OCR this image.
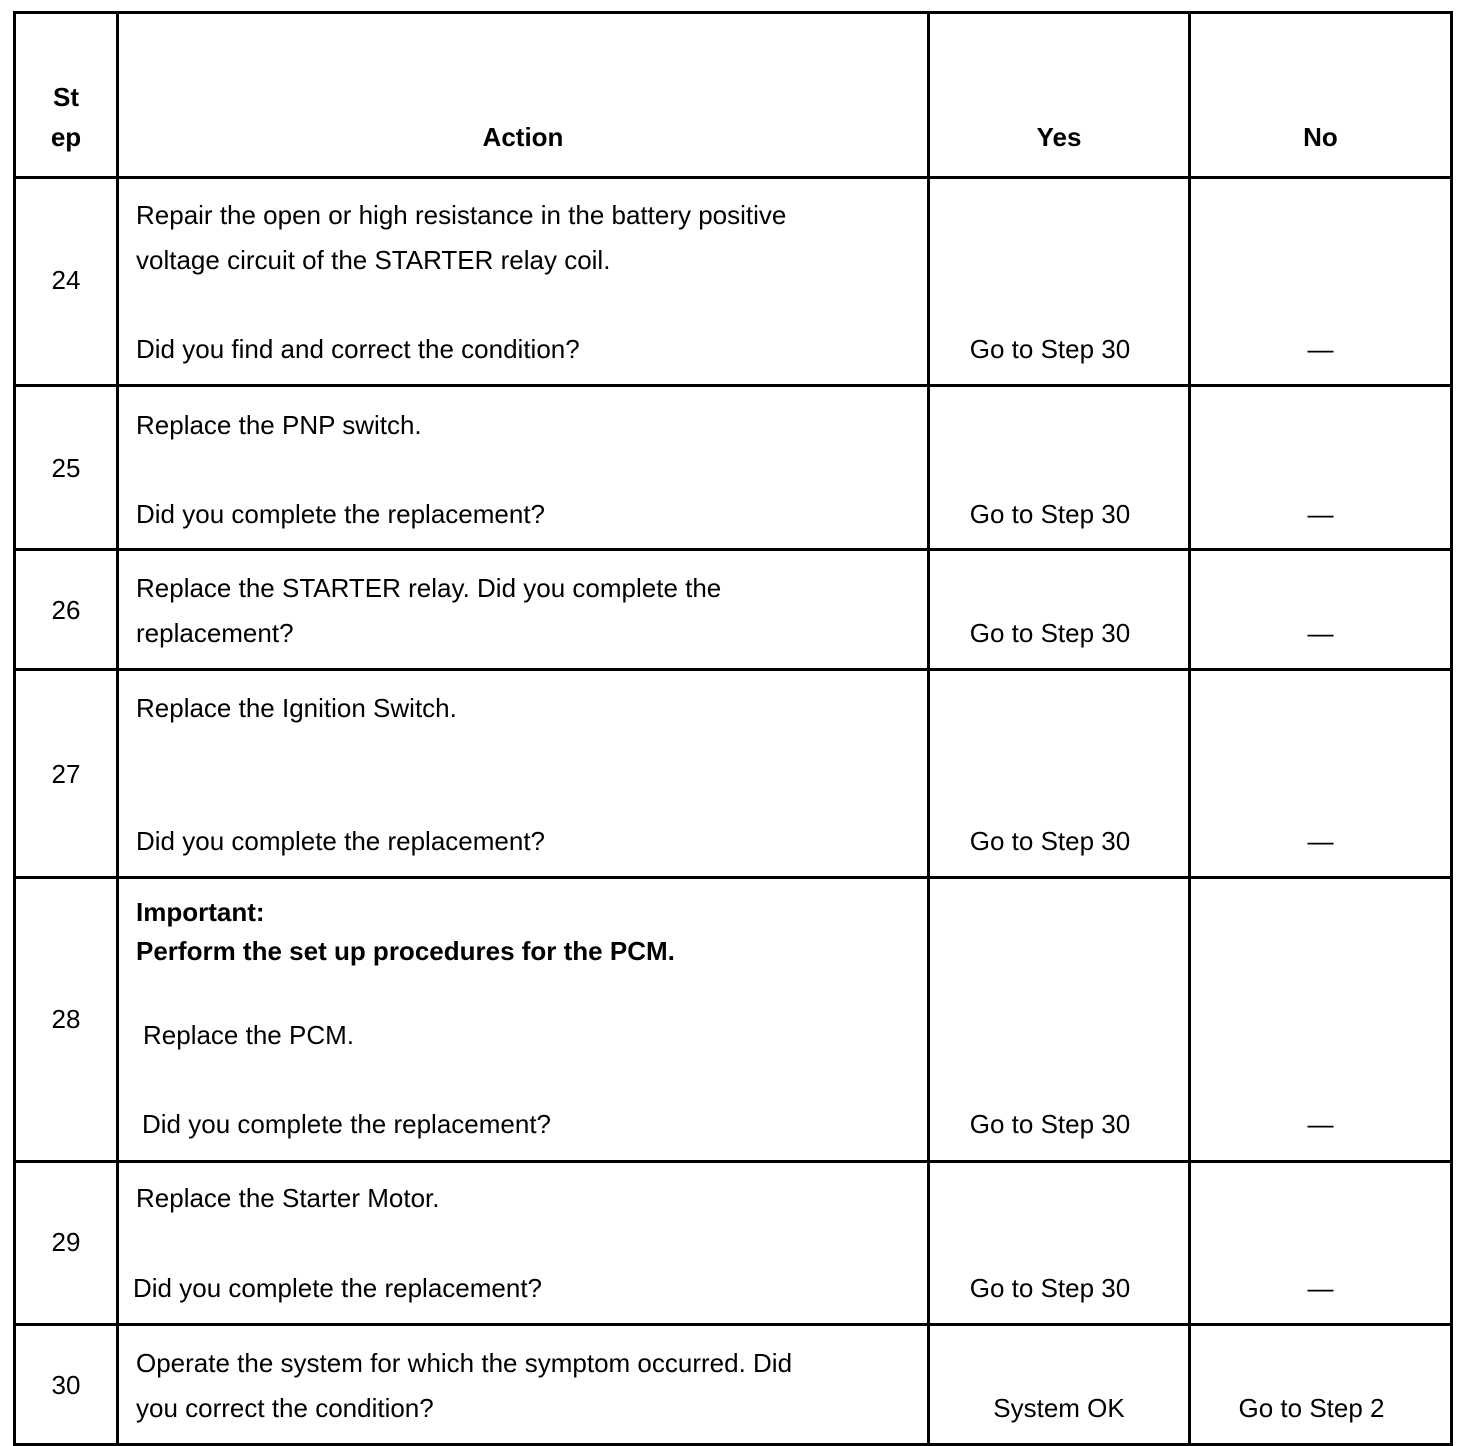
St
ep	Action	Yes	No

24	Repair the open or high resistance in the battery positive
voltage circuit of the STARTER relay coil.
Did you find and correct the condition?	Go to Step 30	—

25	Replace the PNP switch.
Did you complete the replacement?	Go to Step 30	—

26	Replace the STARTER relay. Did you complete the
replacement?	Go to Step 30	—

27	Replace the Ignition Switch.
Did you complete the replacement?	Go to Step 30	—

28	Important:
Perform the set up procedures for the PCM.
Replace the PCM.
Did you complete the replacement?	Go to Step 30	—

29	Replace the Starter Motor.
Did you complete the replacement?	Go to Step 30	—

30	Operate the system for which the symptom occurred. Did
you correct the condition?	System OK	Go to Step 2
